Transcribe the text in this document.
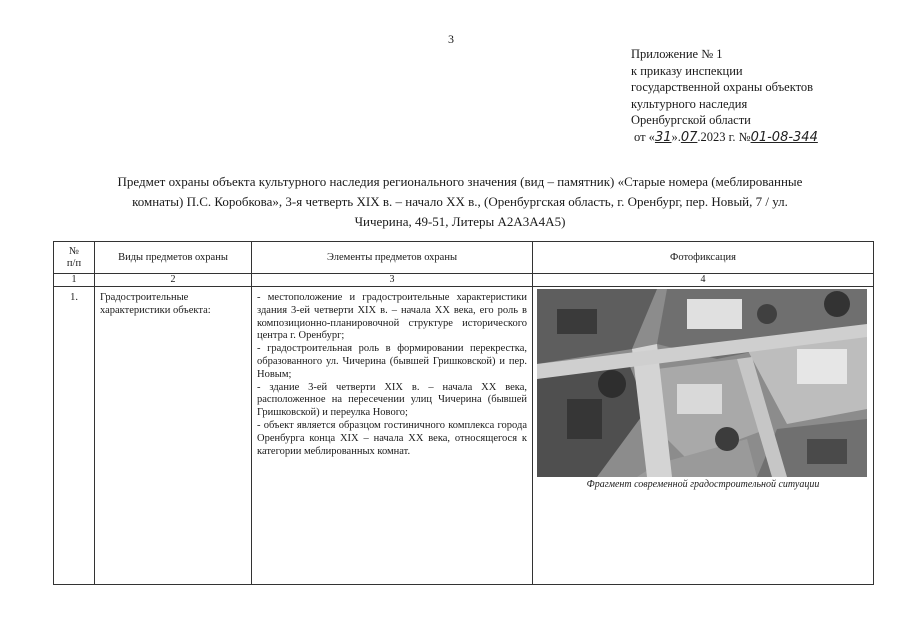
3
Приложение № 1
к приказу инспекции
государственной охраны объектов
культурного наследия
Оренбургской области
от «31».07.2023 г. №01-08-344
Предмет охраны объекта культурного наследия регионального значения (вид – памятник) «Старые номера (меблированные
комнаты) П.С. Коробкова», 3-я четверть XIX в. – начало XX в., (Оренбургская область, г. Оренбург, пер. Новый, 7 / ул.
Чичерина, 49-51, Литеры А2А3А4А5)
№
п/п	Виды предметов охраны	Элементы предметов охраны	Фотофиксация
1	2	3	4
1.	Градостроительные характеристики объекта:	- местоположение и градостроительные характеристики здания 3-ей четверти XIX в. – начала XX века, его роль в композиционно-планировочной структуре исторического центра г. Оренбург;

- градостроительная роль в формировании перекрестка, образованного ул. Чичерина (бывшей Гришковской) и пер. Новым;

- здание 3-ей четверти XIX в. – начала XX века, расположенное на пересечении улиц Чичерина (бывшей Гришковской) и переулка Нового;

- объект является образцом гостиничного комплекса города Оренбурга конца XIX – начала XX века, относящегося к категории меблированных комнат.	Фрагмент современной градостроительной ситуации
